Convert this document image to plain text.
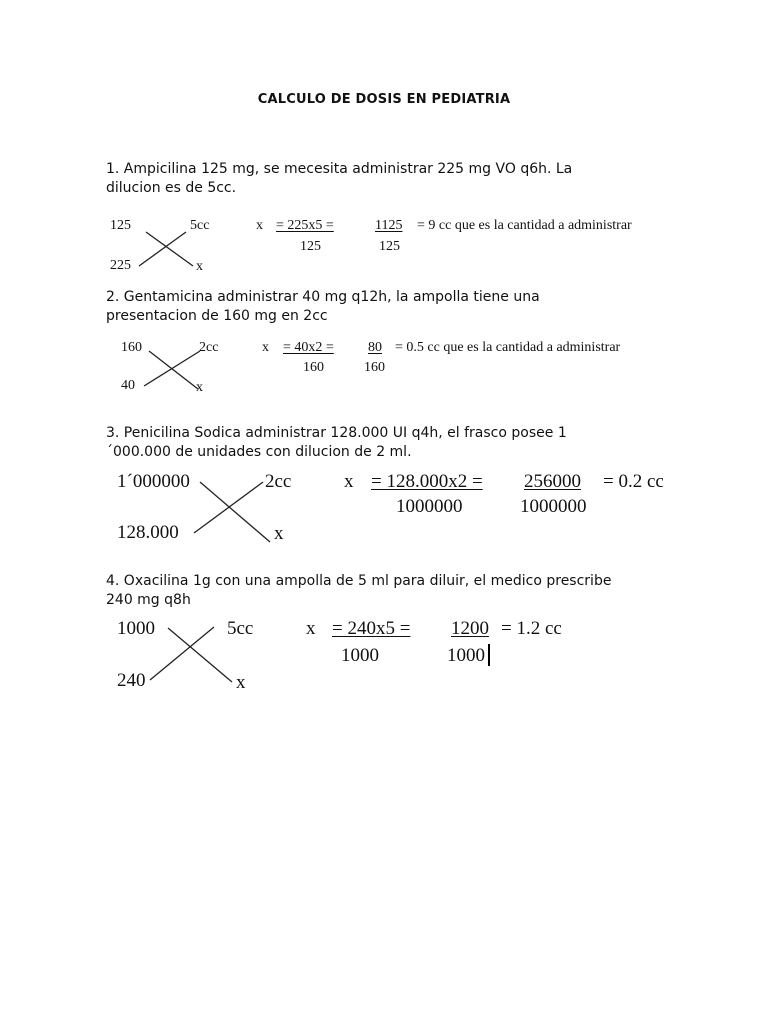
CALCULO DE DOSIS EN PEDIATRIA
1. Ampicilina 125 mg, se mecesita administrar 225 mg VO q6h. La
dilucion es de 5cc.
125	5cc
225	x
x = 225x5 =
125
1125
125
= 9 cc que es la cantidad a administrar
2. Gentamicina administrar 40 mg q12h, la ampolla tiene una
presentacion de 160 mg en 2cc
160	2cc
40	x
x = 40x2 =
160
80
160
= 0.5 cc que es la cantidad a administrar
3. Penicilina Sodica administrar 128.000 UI q4h, el frasco posee 1
´000.000 de unidades con dilucion de 2 ml.
1´000000	2cc
128.000	x
x = 128.000x2 =
1000000
256000
1000000
= 0.2 cc
4. Oxacilina 1g con una ampolla de 5 ml para diluir, el medico prescribe
240 mg q8h
1000	5cc
240	x
x = 240x5 =
1000
1200
1000
= 1.2 cc
